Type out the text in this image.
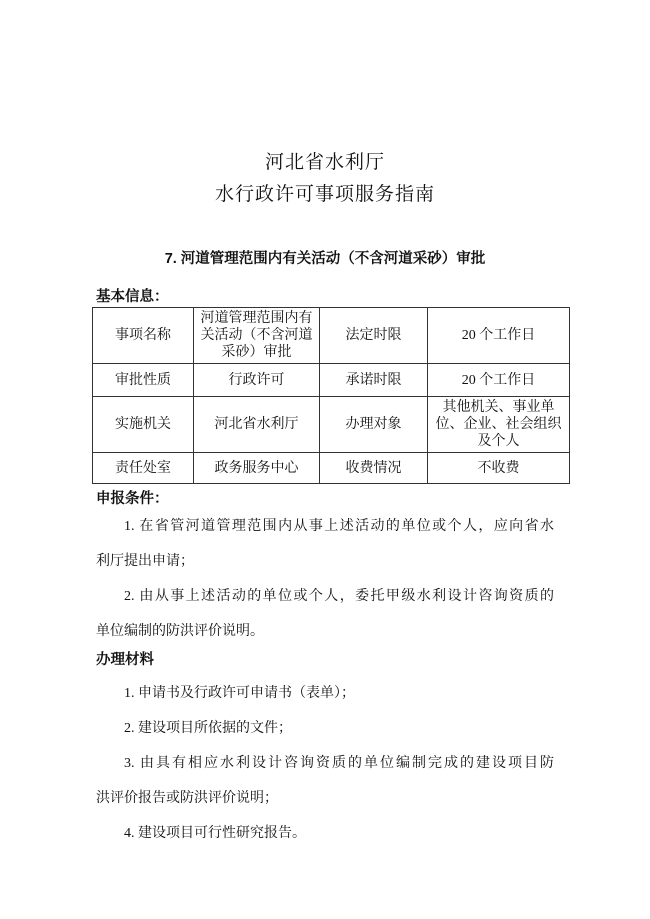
河北省水利厅
水行政许可事项服务指南
7. 河道管理范围内有关活动（不含河道采砂）审批
基本信息：
事项名称	河道管理范围内有关活动（不含河道采砂）审批	法定时限	20 个工作日
审批性质	行政许可	承诺时限	20 个工作日
实施机关	河北省水利厅	办理对象	其他机关、事业单位、企业、社会组织及个人
责任处室	政务服务中心	收费情况	不收费
申报条件：
1. 在省管河道管理范围内从事上述活动的单位或个人，应向省水
利厅提出申请；
2. 由从事上述活动的单位或个人，委托甲级水利设计咨询资质的
单位编制的防洪评价说明。
办理材料
1. 申请书及行政许可申请书（表单）；
2. 建设项目所依据的文件；
3. 由具有相应水利设计咨询资质的单位编制完成的建设项目防
洪评价报告或防洪评价说明；
4. 建设项目可行性研究报告。
